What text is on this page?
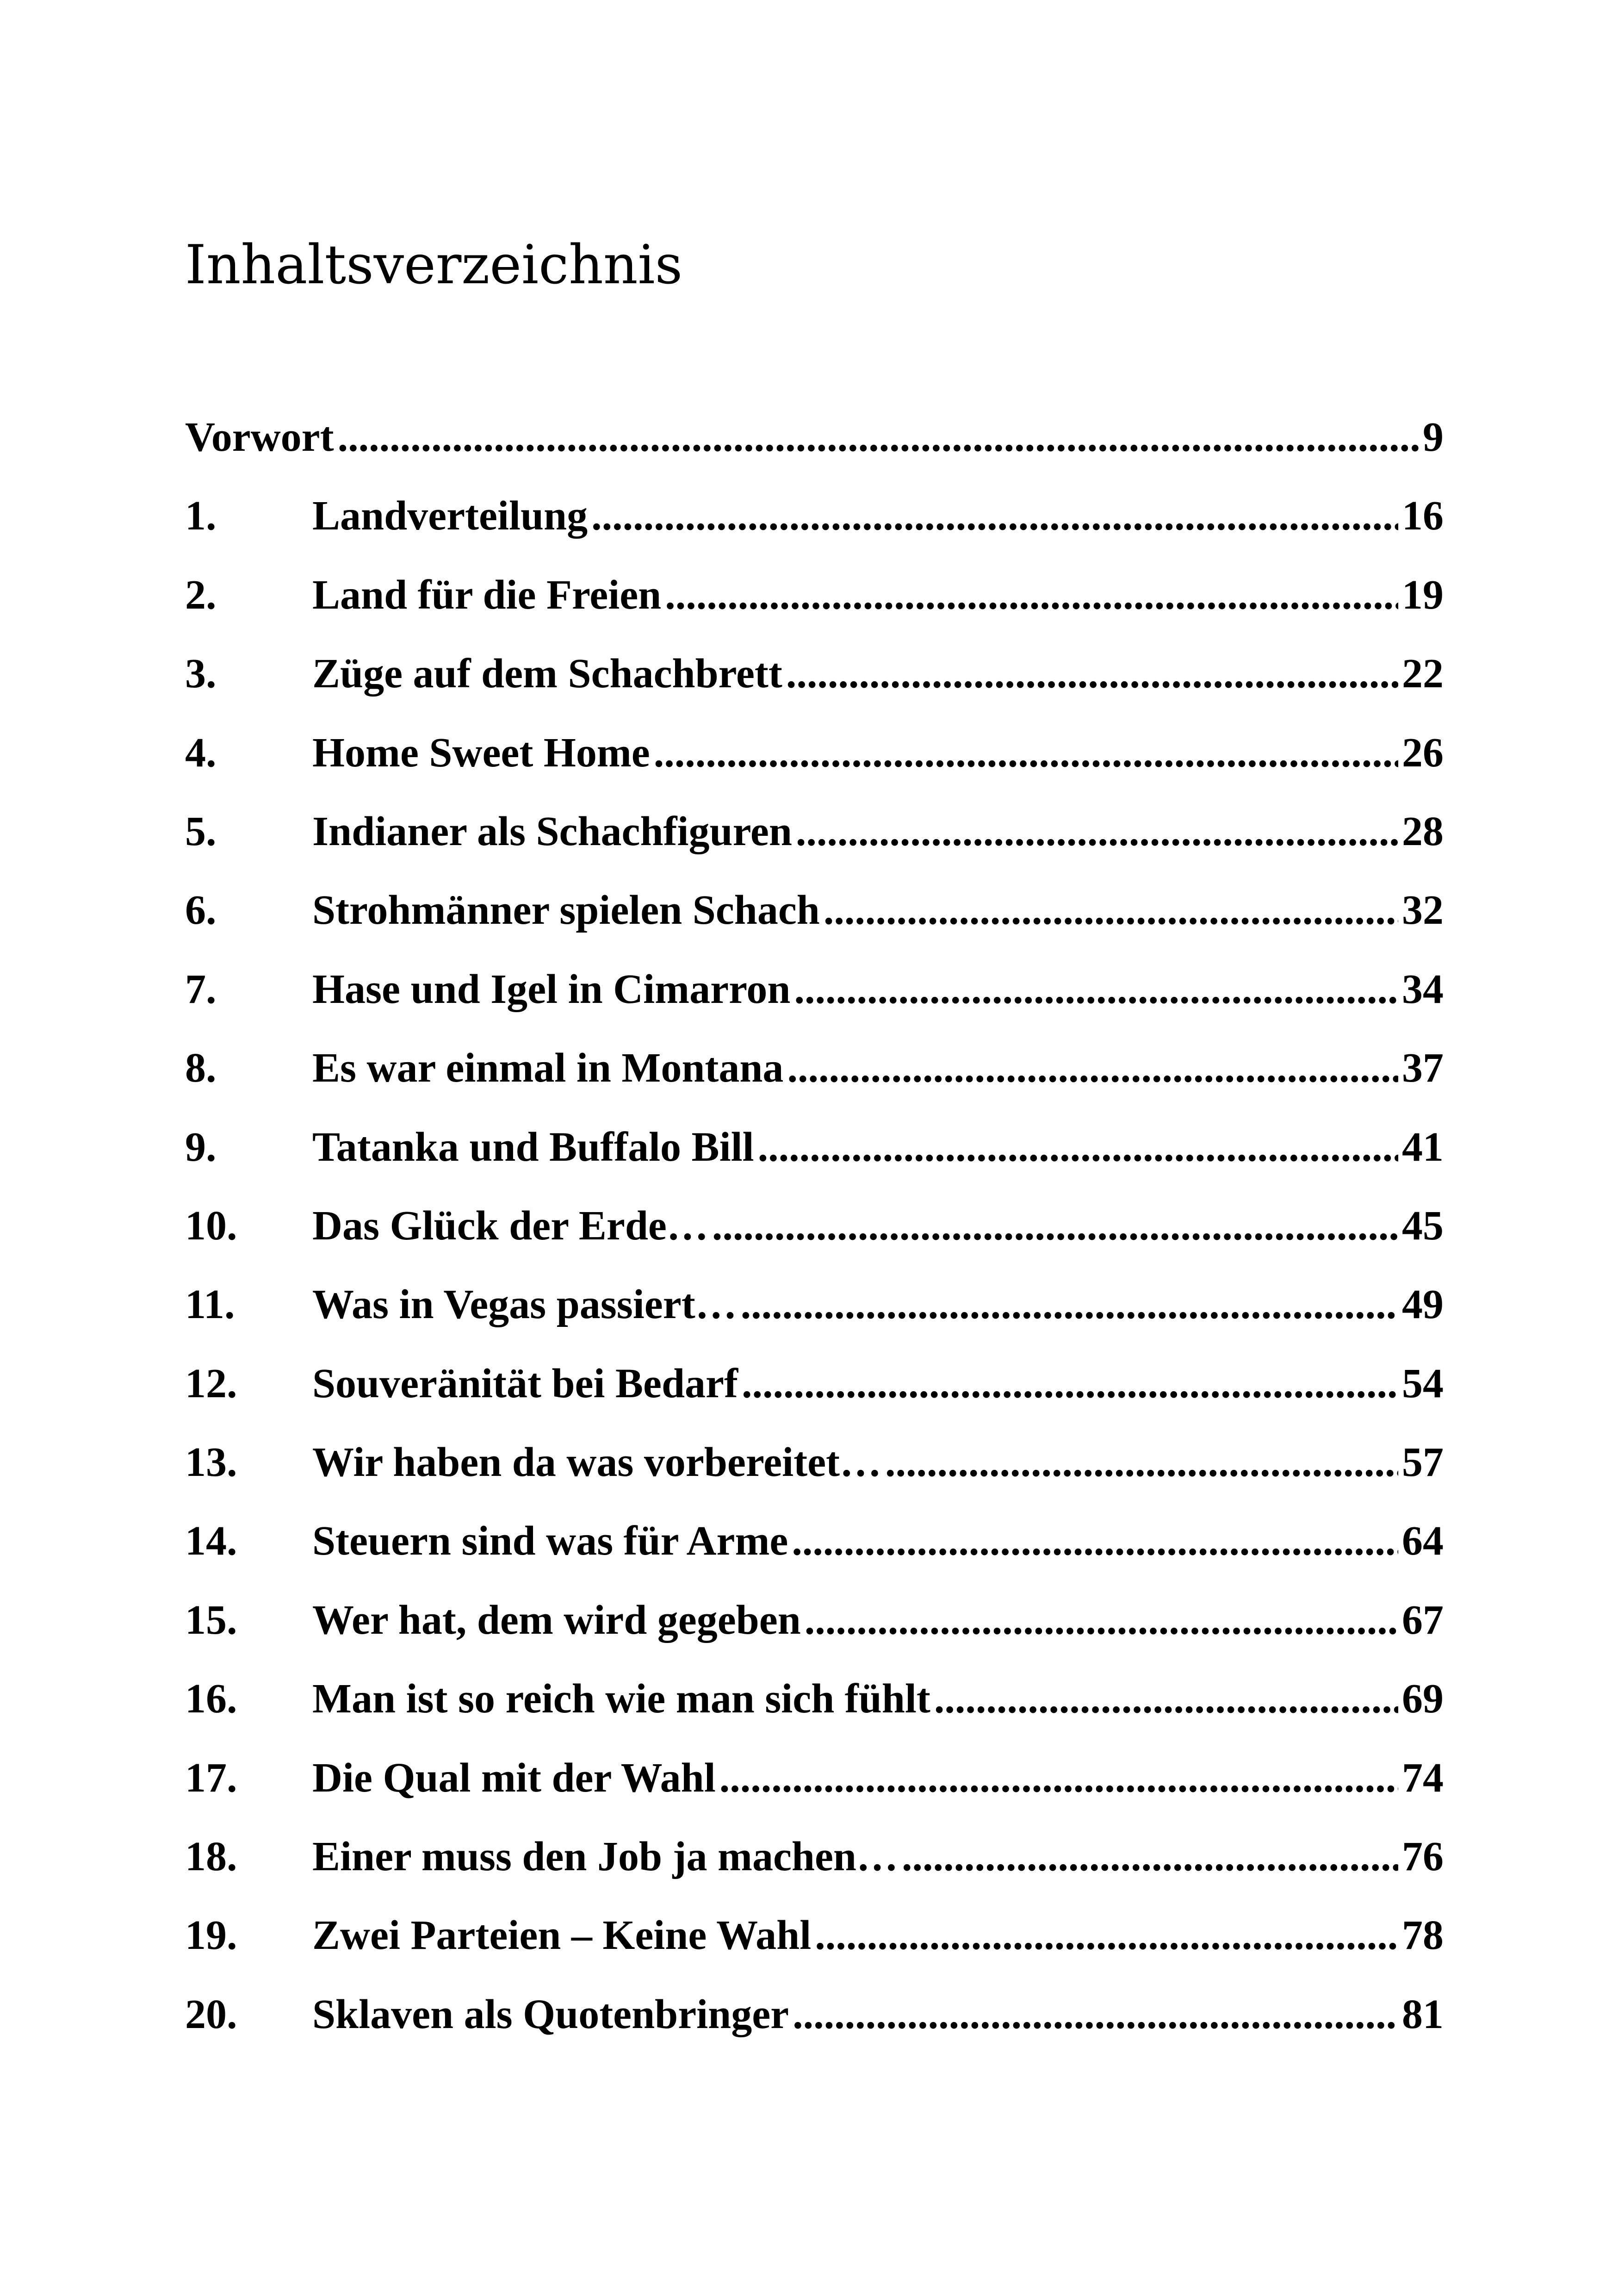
Inhaltsverzeichnis
Vorwort .....	9
1.	Landverteilung .....	16
2.	Land für die Freien .....	19
3.	Züge auf dem Schachbrett .....	22
4.	Home Sweet Home .....	26
5.	Indianer als Schachfiguren .....	28
6.	Strohmänner spielen Schach .....	32
7.	Hase und Igel in Cimarron .....	34
8.	Es war einmal in Montana .....	37
9.	Tatanka und Buffalo Bill .....	41
10.	Das Glück der Erde… .....	45
11.	Was in Vegas passiert… .....	49
12.	Souveränität bei Bedarf .....	54
13.	Wir haben da was vorbereitet… .....	57
14.	Steuern sind was für Arme .....	64
15.	Wer hat, dem wird gegeben .....	67
16.	Man ist so reich wie man sich fühlt .....	69
17.	Die Qual mit der Wahl .....	74
18.	Einer muss den Job ja machen… .....	76
19.	Zwei Parteien – Keine Wahl .....	78
20.	Sklaven als Quotenbringer .....	81
